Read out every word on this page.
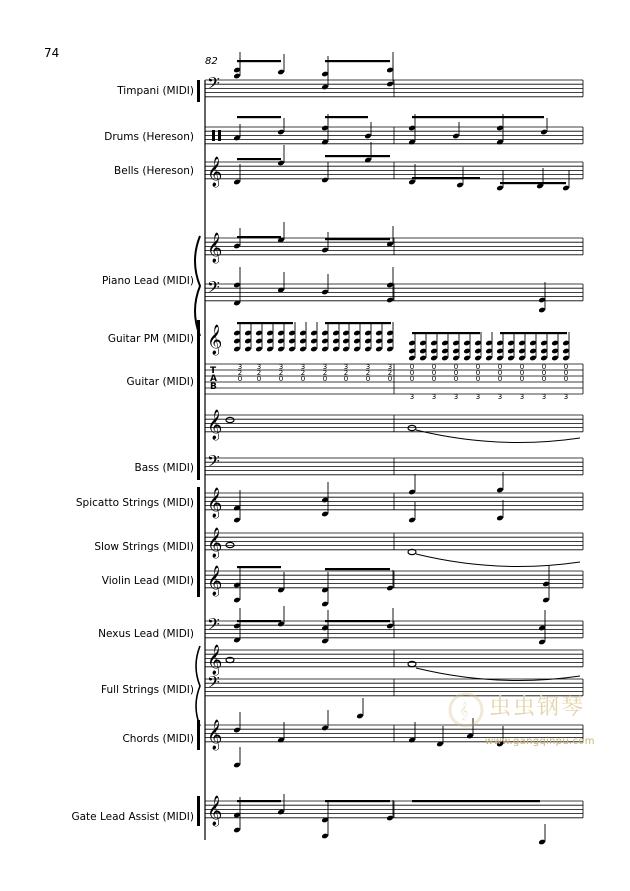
74
82
Timpani (MIDI)
Drums (Hereson)
Bells (Hereson)
Piano Lead (MIDI)
Guitar PM (MIDI)
Guitar (MIDI)
Bass (MIDI)
Spicatto Strings (MIDI)
Slow Strings (MIDI)
Violin Lead (MIDI)
Nexus Lead (MIDI)
Full Strings (MIDI)
Chords (MIDI)
Gate Lead Assist (MIDI)
𝄢
𝄞
𝄞
𝄢
𝄞
𝄞
𝄢
𝄞
𝄞
𝄞
𝄢
𝄞
𝄢
𝄞
𝄞
T
A
B
3
2
0
3
2
0
3
2
0
3
2
0
3
2
0
3
2
0
3
2
0
3
2
0
0
0
0
3
0
0
0
3
0
0
0
3
0
0
0
3
0
0
0
3
0
0
0
3
0
0
0
3
0
0
0
3
𝄞 虫虫钢琴
www.gangqinpu.com
